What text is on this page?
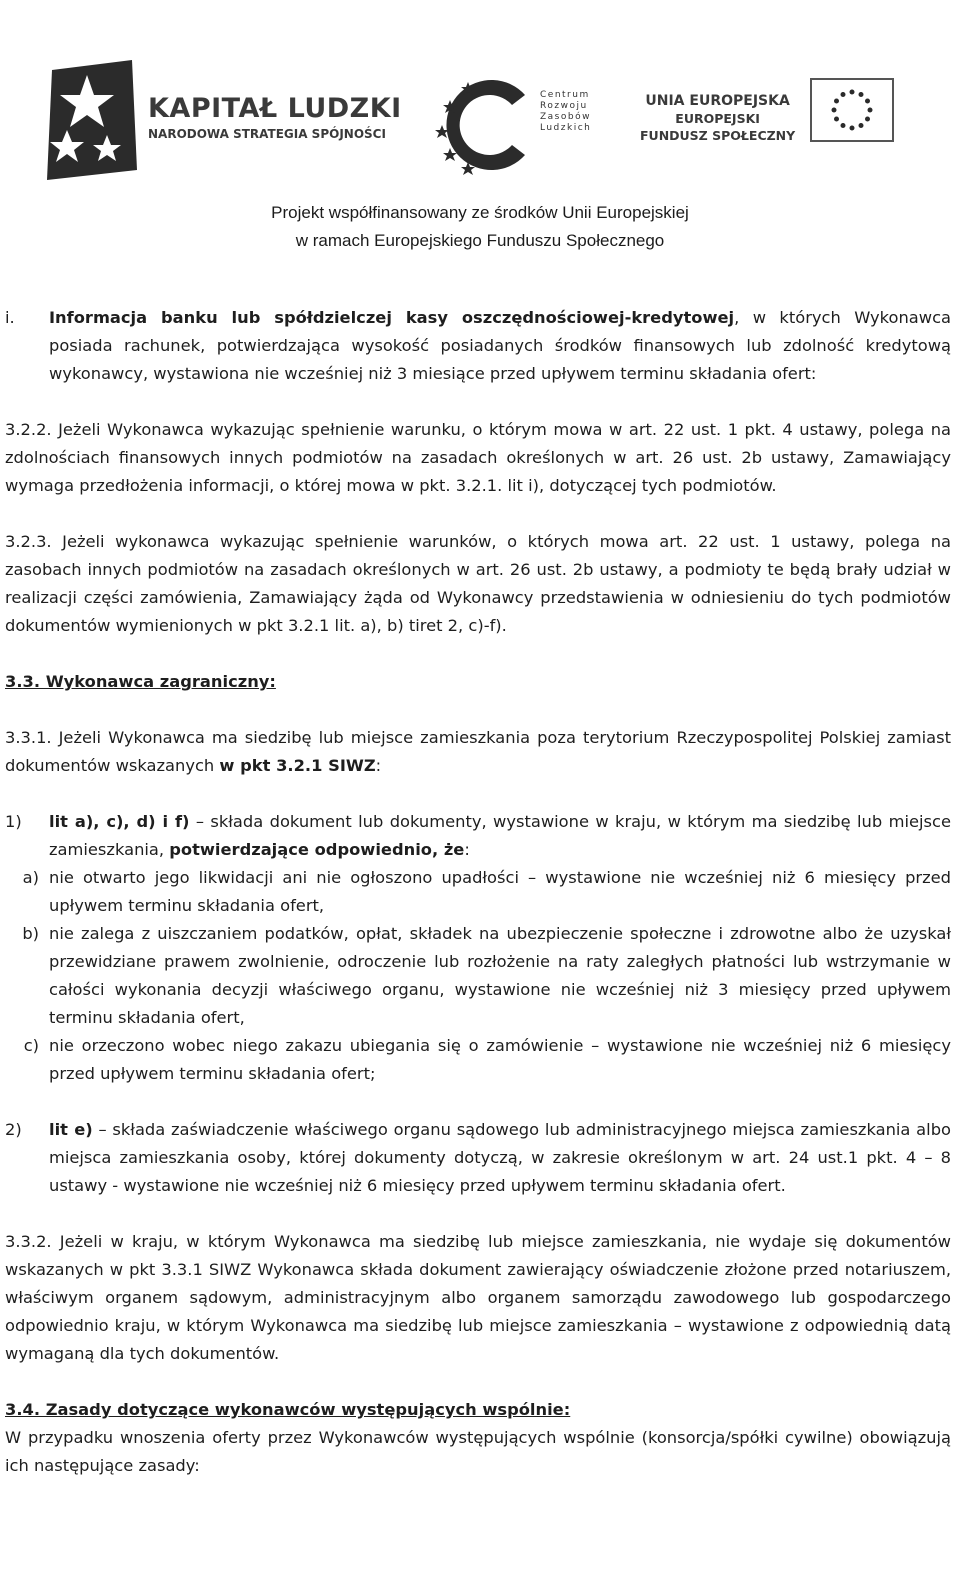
KAPITAŁ LUDZKI
NARODOWA STRATEGIA SPÓJNOŚCI
Centrum
Rozwoju
Zasobów
Ludzkich
UNIA EUROPEJSKA
EUROPEJSKI
FUNDUSZ SPOŁECZNY
Projekt współfinansowany ze środków Unii Europejskiej
w ramach Europejskiego Funduszu Społecznego
i.	Informacja banku lub spółdzielczej kasy oszczędnościowej-kredytowej, w których Wykonawca posiada rachunek, potwierdzająca wysokość posiadanych środków finansowych lub zdolność kredytową wykonawcy, wystawiona nie wcześniej niż 3 miesiące przed upływem terminu składania ofert:

3.2.2. Jeżeli Wykonawca wykazując spełnienie warunku, o którym mowa w art. 22 ust. 1 pkt. 4 ustawy, polega na zdolnościach finansowych innych podmiotów na zasadach określonych w art. 26 ust. 2b ustawy, Zamawiający wymaga przedłożenia informacji, o której mowa w pkt. 3.2.1. lit i), dotyczącej tych podmiotów.

3.2.3. Jeżeli wykonawca wykazując spełnienie warunków, o których mowa art. 22 ust. 1 ustawy, polega na zasobach innych podmiotów na zasadach określonych w art. 26 ust. 2b ustawy, a podmioty te będą brały udział w realizacji części zamówienia, Zamawiający żąda od Wykonawcy przedstawienia w odniesieniu do tych podmiotów dokumentów wymienionych w pkt 3.2.1 lit. a), b) tiret 2, c)-f).

3.3. Wykonawca zagraniczny:

3.3.1. Jeżeli Wykonawca ma siedzibę lub miejsce zamieszkania poza terytorium Rzeczypospolitej Polskiej zamiast dokumentów wskazanych w pkt 3.2.1 SIWZ:

1)	lit a), c), d) i f) – składa dokument lub dokumenty, wystawione w kraju, w którym ma siedzibę lub miejsce zamieszkania, potwierdzające odpowiednio, że:

a) nie otwarto jego likwidacji ani nie ogłoszono upadłości – wystawione nie wcześniej niż 6 miesięcy przed upływem terminu składania ofert,

b) nie zalega z uiszczaniem podatków, opłat, składek na ubezpieczenie społeczne i zdrowotne albo że uzyskał przewidziane prawem zwolnienie, odroczenie lub rozłożenie na raty zaległych płatności lub wstrzymanie w całości wykonania decyzji właściwego organu, wystawione nie wcześniej niż 3 miesięcy przed upływem terminu składania ofert,

c) nie orzeczono wobec niego zakazu ubiegania się o zamówienie – wystawione nie wcześniej niż 6 miesięcy przed upływem terminu składania ofert;

2)	lit e) – składa zaświadczenie właściwego organu sądowego lub administracyjnego miejsca zamieszkania albo miejsca zamieszkania osoby, której dokumenty dotyczą, w zakresie określonym w art. 24 ust.1 pkt. 4 – 8 ustawy - wystawione nie wcześniej niż 6 miesięcy przed upływem terminu składania ofert.

3.3.2. Jeżeli w kraju, w którym Wykonawca ma siedzibę lub miejsce zamieszkania, nie wydaje się dokumentów wskazanych w pkt 3.3.1 SIWZ Wykonawca składa dokument zawierający oświadczenie złożone przed notariuszem, właściwym organem sądowym, administracyjnym albo organem samorządu zawodowego lub gospodarczego odpowiednio kraju, w którym Wykonawca ma siedzibę lub miejsce zamieszkania – wystawione z odpowiednią datą wymaganą dla tych dokumentów.

3.4. Zasady dotyczące wykonawców występujących wspólnie:

W przypadku wnoszenia oferty przez Wykonawców występujących wspólnie (konsorcja/spółki cywilne) obowiązują ich następujące zasady:
